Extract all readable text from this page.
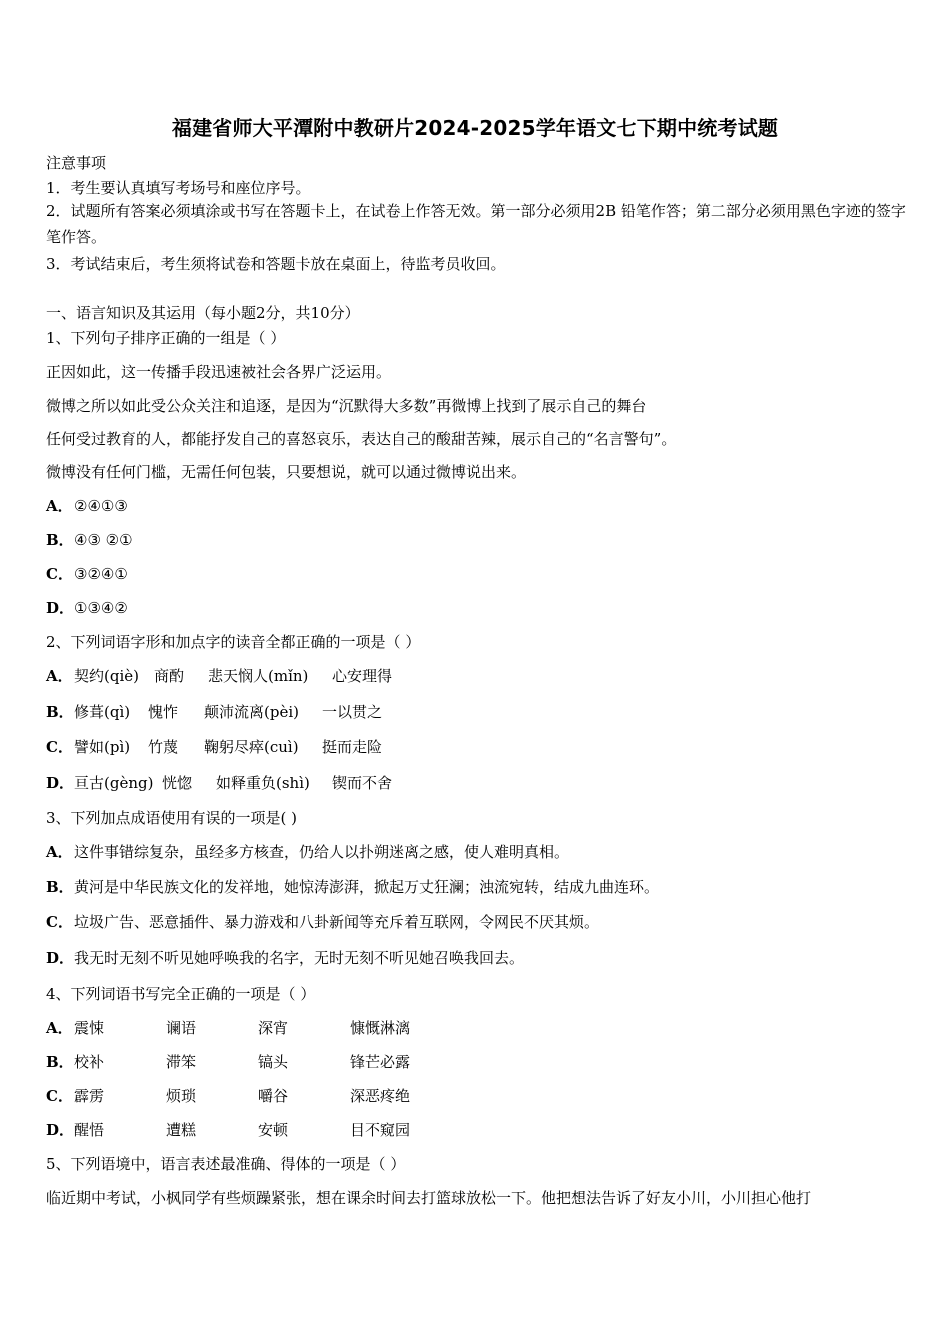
福建省师大平潭附中教研片2024-2025学年语文七下期中统考试题
注意事项
1．考生要认真填写考场号和座位序号。
2．试题所有答案必须填涂或书写在答题卡上，在试卷上作答无效。第一部分必须用2B 铅笔作答；第二部分必须用黑色字迹的签字笔作答。
3．考试结束后，考生须将试卷和答题卡放在桌面上，待监考员收回。
一、语言知识及其运用（每小题2分，共10分）
1、下列句子排序正确的一组是（ ）
正因如此，这一传播手段迅速被社会各界广泛运用。
微博之所以如此受公众关注和追逐，是因为“沉默得大多数”再微博上找到了展示自己的舞台
任何受过教育的人，都能抒发自己的喜怒哀乐，表达自己的酸甜苦辣，展示自己的“名言警句”。
微博没有任何门槛，无需任何包装，只要想说，就可以通过微博说出来。
A．②④①③
B．④③ ②①
C．③②④①
D．①③④②
2、下列词语字形和加点字的读音全都正确的一项是（ ）
A．契约(qiè) 商酌 悲天悯人(mǐn) 心安理得
B．修葺(qì) 愧怍 颠沛流离(pèi) 一以贯之
C．譬如(pì) 竹蔑 鞠躬尽瘁(cuì) 挺而走险
D．亘古(gèng) 恍惚 如释重负(shì) 锲而不舍
3、下列加点成语使用有误的一项是( )
A．这件事错综复杂，虽经多方核查，仍给人以扑朔迷离之感，使人难明真相。
B．黄河是中华民族文化的发祥地，她惊涛澎湃，掀起万丈狂澜；浊流宛转，结成九曲连环。
C．垃圾广告、恶意插件、暴力游戏和八卦新闻等充斥着互联网，令网民不厌其烦。
D．我无时无刻不听见她呼唤我的名字，无时无刻不听见她召唤我回去。
4、下列词语书写完全正确的一项是（ ）
A．震悚	谰语	深宵	慷慨淋漓
B．校补	滞笨	镐头	锋芒必露
C．霹雳	烦琐	嚼谷	深恶疼绝
D．醒悟	遭糕	安顿	目不窥园
5、下列语境中，语言表述最准确、得体的一项是（ ）
临近期中考试，小枫同学有些烦躁紧张，想在课余时间去打篮球放松一下。他把想法告诉了好友小川，小川担心他打
